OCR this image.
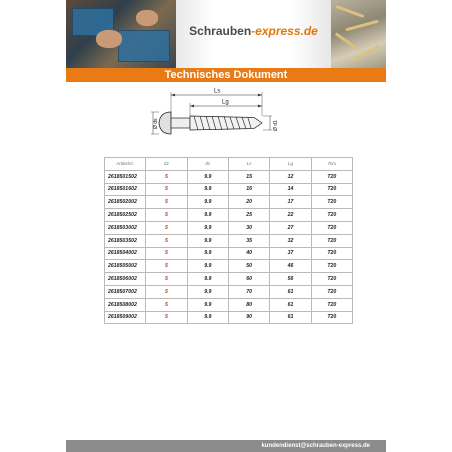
Schrauben-express.de
Technisches Dokument
Ls
Lg
Ø ds	Ø d1
Artikelnr.	d1	ds	Ls	Lg	Torx
2618501502	5	9.9	15	12	T20
2618501602	5	9.9	16	14	T20
2618502002	5	9.9	20	17	T20
2618502502	5	9.9	25	22	T20
2618503002	5	9.9	30	27	T20
2618503502	5	9.9	35	32	T20
2618504002	5	9.9	40	37	T20
2618505002	5	9.9	50	46	T20
2618506002	5	9.9	60	56	T20
2618507002	5	9.9	70	61	T20
2618508002	5	9.9	80	61	T20
2618509002	5	9.9	90	61	T20
kundendienst@schrauben-express.de
